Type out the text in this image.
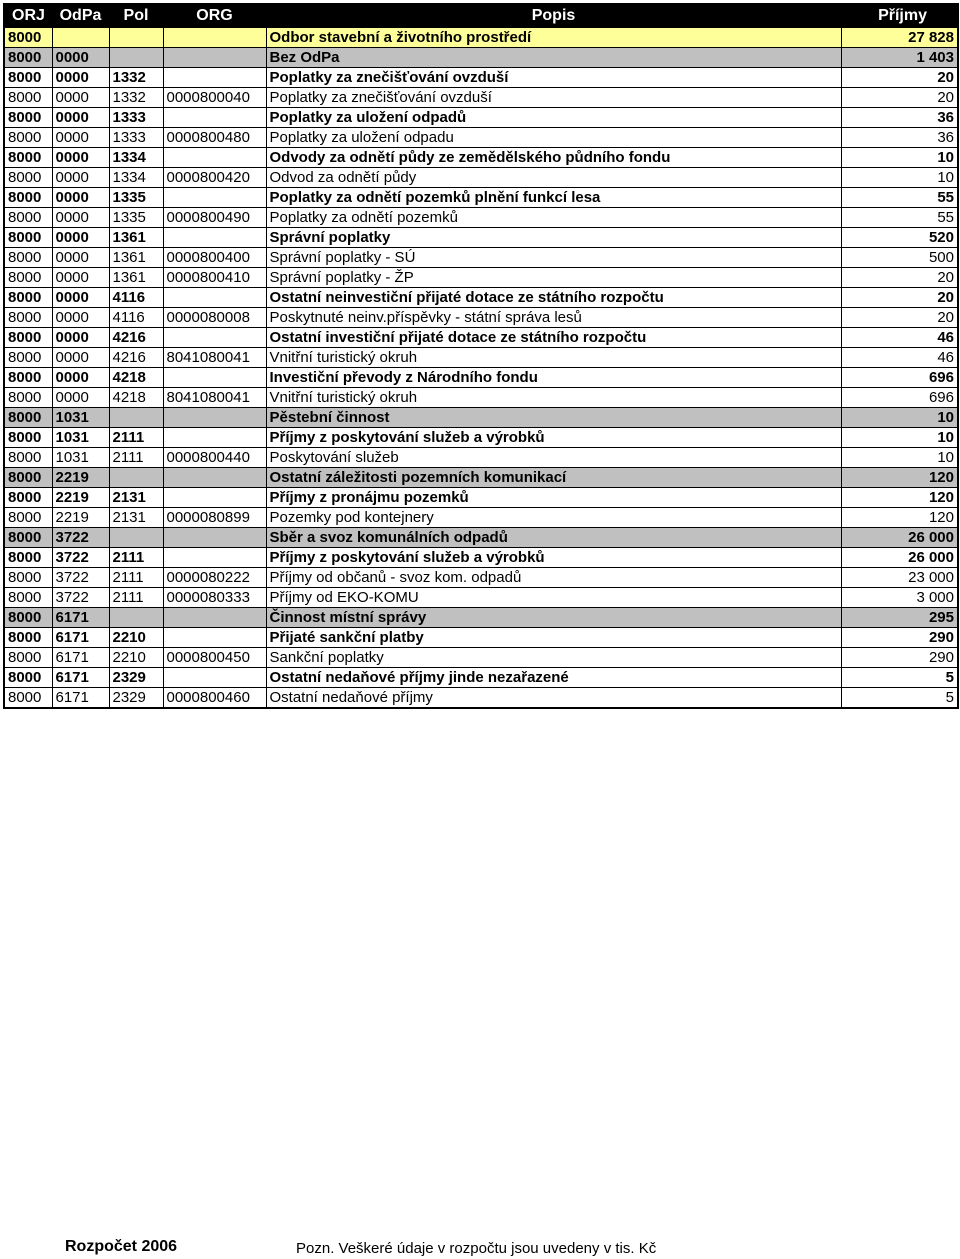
ORJ	OdPa	Pol	ORG	Popis	Příjmy
8000				Odbor stavební a životního prostředí	27 828
8000	0000			Bez OdPa	1 403
8000	0000	1332		Poplatky za znečišťování ovzduší	20
8000	0000	1332	0000800040	Poplatky za znečišťování ovzduší	20
8000	0000	1333		Poplatky za uložení odpadů	36
8000	0000	1333	0000800480	Poplatky za uložení odpadu	36
8000	0000	1334		Odvody za odnětí půdy ze zemědělského půdního fondu	10
8000	0000	1334	0000800420	Odvod za odnětí půdy	10
8000	0000	1335		Poplatky za odnětí pozemků plnění funkcí lesa	55
8000	0000	1335	0000800490	Poplatky za odnětí pozemků	55
8000	0000	1361		Správní poplatky	520
8000	0000	1361	0000800400	Správní poplatky - SÚ	500
8000	0000	1361	0000800410	Správní poplatky - ŽP	20
8000	0000	4116		Ostatní neinvestiční přijaté dotace ze státního rozpočtu	20
8000	0000	4116	0000080008	Poskytnuté neinv.příspěvky - státní správa lesů	20
8000	0000	4216		Ostatní investiční přijaté dotace ze státního rozpočtu	46
8000	0000	4216	8041080041	Vnitřní turistický okruh	46
8000	0000	4218		Investiční převody z Národního fondu	696
8000	0000	4218	8041080041	Vnitřní turistický okruh	696
8000	1031			Pěstební činnost	10
8000	1031	2111		Příjmy z poskytování služeb a výrobků	10
8000	1031	2111	0000800440	Poskytování služeb	10
8000	2219			Ostatní záležitosti pozemních komunikací	120
8000	2219	2131		Příjmy z pronájmu pozemků	120
8000	2219	2131	0000080899	Pozemky pod kontejnery	120
8000	3722			Sběr a svoz komunálních odpadů	26 000
8000	3722	2111		Příjmy z poskytování služeb a výrobků	26 000
8000	3722	2111	0000080222	Příjmy od občanů - svoz kom. odpadů	23 000
8000	3722	2111	0000080333	Příjmy od EKO-KOMU	3 000
8000	6171			Činnost místní správy	295
8000	6171	2210		Přijaté sankční platby	290
8000	6171	2210	0000800450	Sankční poplatky	290
8000	6171	2329		Ostatní nedaňové příjmy jinde nezařazené	5
8000	6171	2329	0000800460	Ostatní nedaňové příjmy	5
Rozpočet 2006	Pozn. Veškeré údaje v rozpočtu jsou uvedeny v tis. Kč
